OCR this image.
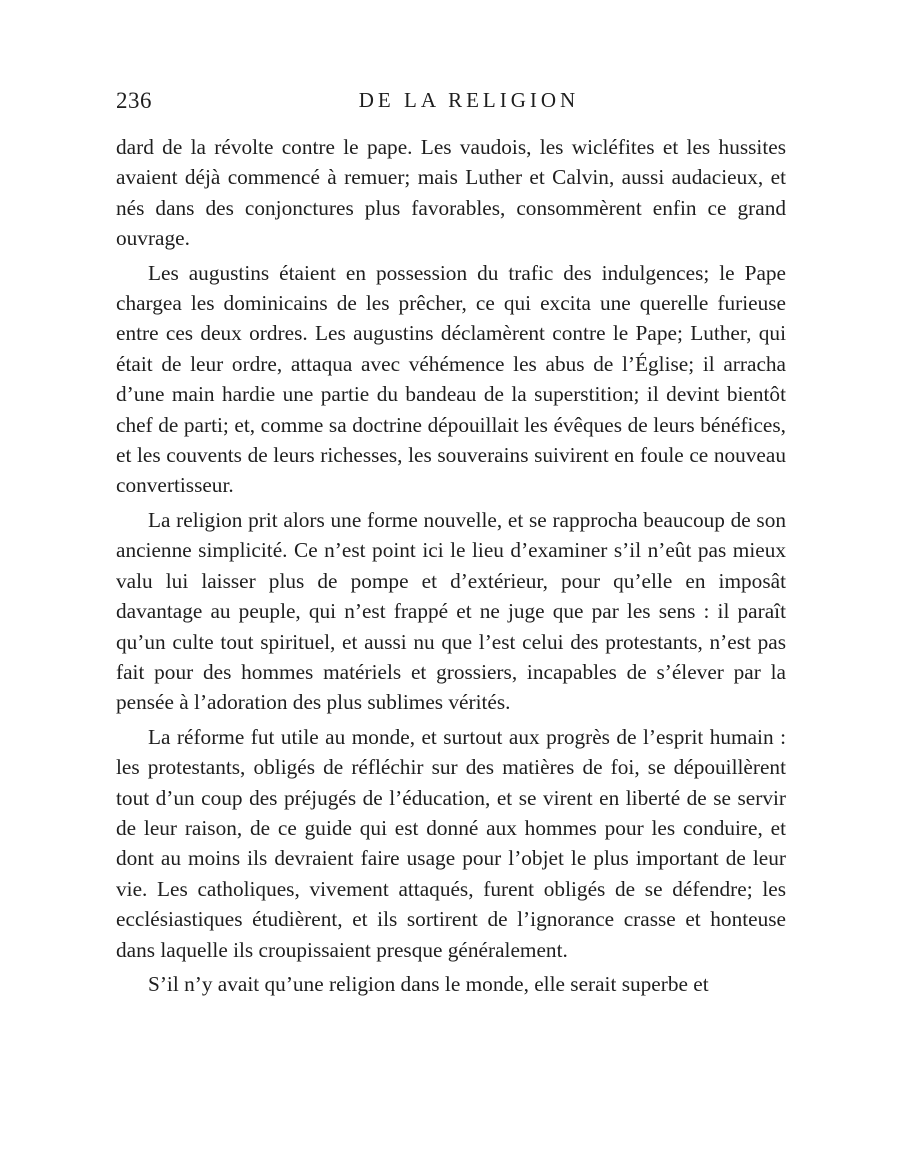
236	DE LA RELIGION

dard de la révolte contre le pape. Les vaudois, les wicléfites et les hussites avaient déjà commencé à remuer; mais Luther et Calvin, aussi audacieux, et nés dans des conjonctures plus favorables, consommèrent enfin ce grand ouvrage.

Les augustins étaient en possession du trafic des indulgences; le Pape chargea les dominicains de les prêcher, ce qui excita une querelle furieuse entre ces deux ordres. Les augustins déclamèrent contre le Pape; Luther, qui était de leur ordre, attaqua avec véhémence les abus de l’Église; il arracha d’une main hardie une partie du bandeau de la superstition; il devint bientôt chef de parti; et, comme sa doctrine dépouillait les évêques de leurs bénéfices, et les couvents de leurs richesses, les souverains suivirent en foule ce nouveau convertisseur.

La religion prit alors une forme nouvelle, et se rapprocha beaucoup de son ancienne simplicité. Ce n’est point ici le lieu d’examiner s’il n’eût pas mieux valu lui laisser plus de pompe et d’extérieur, pour qu’elle en imposât davantage au peuple, qui n’est frappé et ne juge que par les sens : il paraît qu’un culte tout spirituel, et aussi nu que l’est celui des protestants, n’est pas fait pour des hommes matériels et grossiers, incapables de s’élever par la pensée à l’adoration des plus sublimes vérités.

La réforme fut utile au monde, et surtout aux progrès de l’esprit humain : les protestants, obligés de réfléchir sur des matières de foi, se dépouillèrent tout d’un coup des préjugés de l’éducation, et se virent en liberté de se servir de leur raison, de ce guide qui est donné aux hommes pour les conduire, et dont au moins ils devraient faire usage pour l’objet le plus important de leur vie. Les catholiques, vivement attaqués, furent obligés de se défendre; les ecclésiastiques étudièrent, et ils sortirent de l’ignorance crasse et honteuse dans laquelle ils croupissaient presque généralement.

S’il n’y avait qu’une religion dans le monde, elle serait superbe et
